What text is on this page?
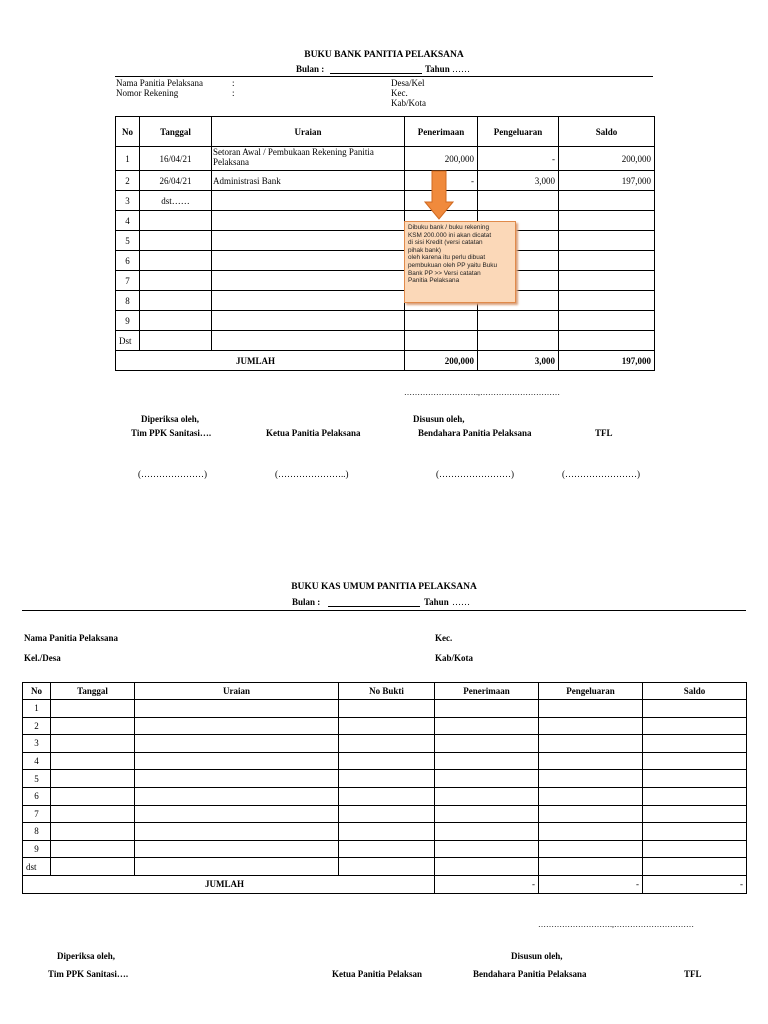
BUKU BANK PANITIA PELAKSANA
Bulan :	Tahun ……
Nama Panitia Pelaksana	:
Nomor Rekening	:
Desa/Kel
Kec.
Kab/Kota
No	Tanggal	Uraian	Penerimaan	Pengeluaran	Saldo
1	16/04/21	Setoran Awal / Pembukaan Rekening Panitia Pelaksana	200,000	-	200,000
2	26/04/21	Administrasi Bank	-	3,000	197,000
3	dst……				
4					
5					
6					
7					
8					
9					
Dst					
JUMLAH			200,000	3,000	197,000
Dibuku bank / buku rekening
KSM 200.000 ini akan dicatat
di sisi Kredit (versi catatan
pihak bank)
oleh karena itu perlu dibuat
pembukuan oleh PP yaitu Buku
Bank PP >> Versi catatan
Panitia Pelaksana
……………………….,…………………………
Diperiksa oleh,	Disusun oleh,
Tim PPK Sanitasi….	Ketua Panitia Pelaksana	Bendahara Panitia Pelaksana	TFL
(…………………)	(…………………..)	(……………………)	(……………………)
BUKU KAS UMUM PANITIA PELAKSANA
Bulan :	Tahun ……
Nama Panitia Pelaksana
Kel./Desa
Kec.
Kab/Kota
No	Tanggal	Uraian	No Bukti	Penerimaan	Pengeluaran	Saldo
1						
2						
3						
4						
5						
6						
7						
8						
9						
dst						
JUMLAH				-	-	-
……………………….,…………………………
Diperiksa oleh,	Disusun oleh,
Tim PPK Sanitasi….	Ketua Panitia Pelaksan	Bendahara Panitia Pelaksana	TFL
